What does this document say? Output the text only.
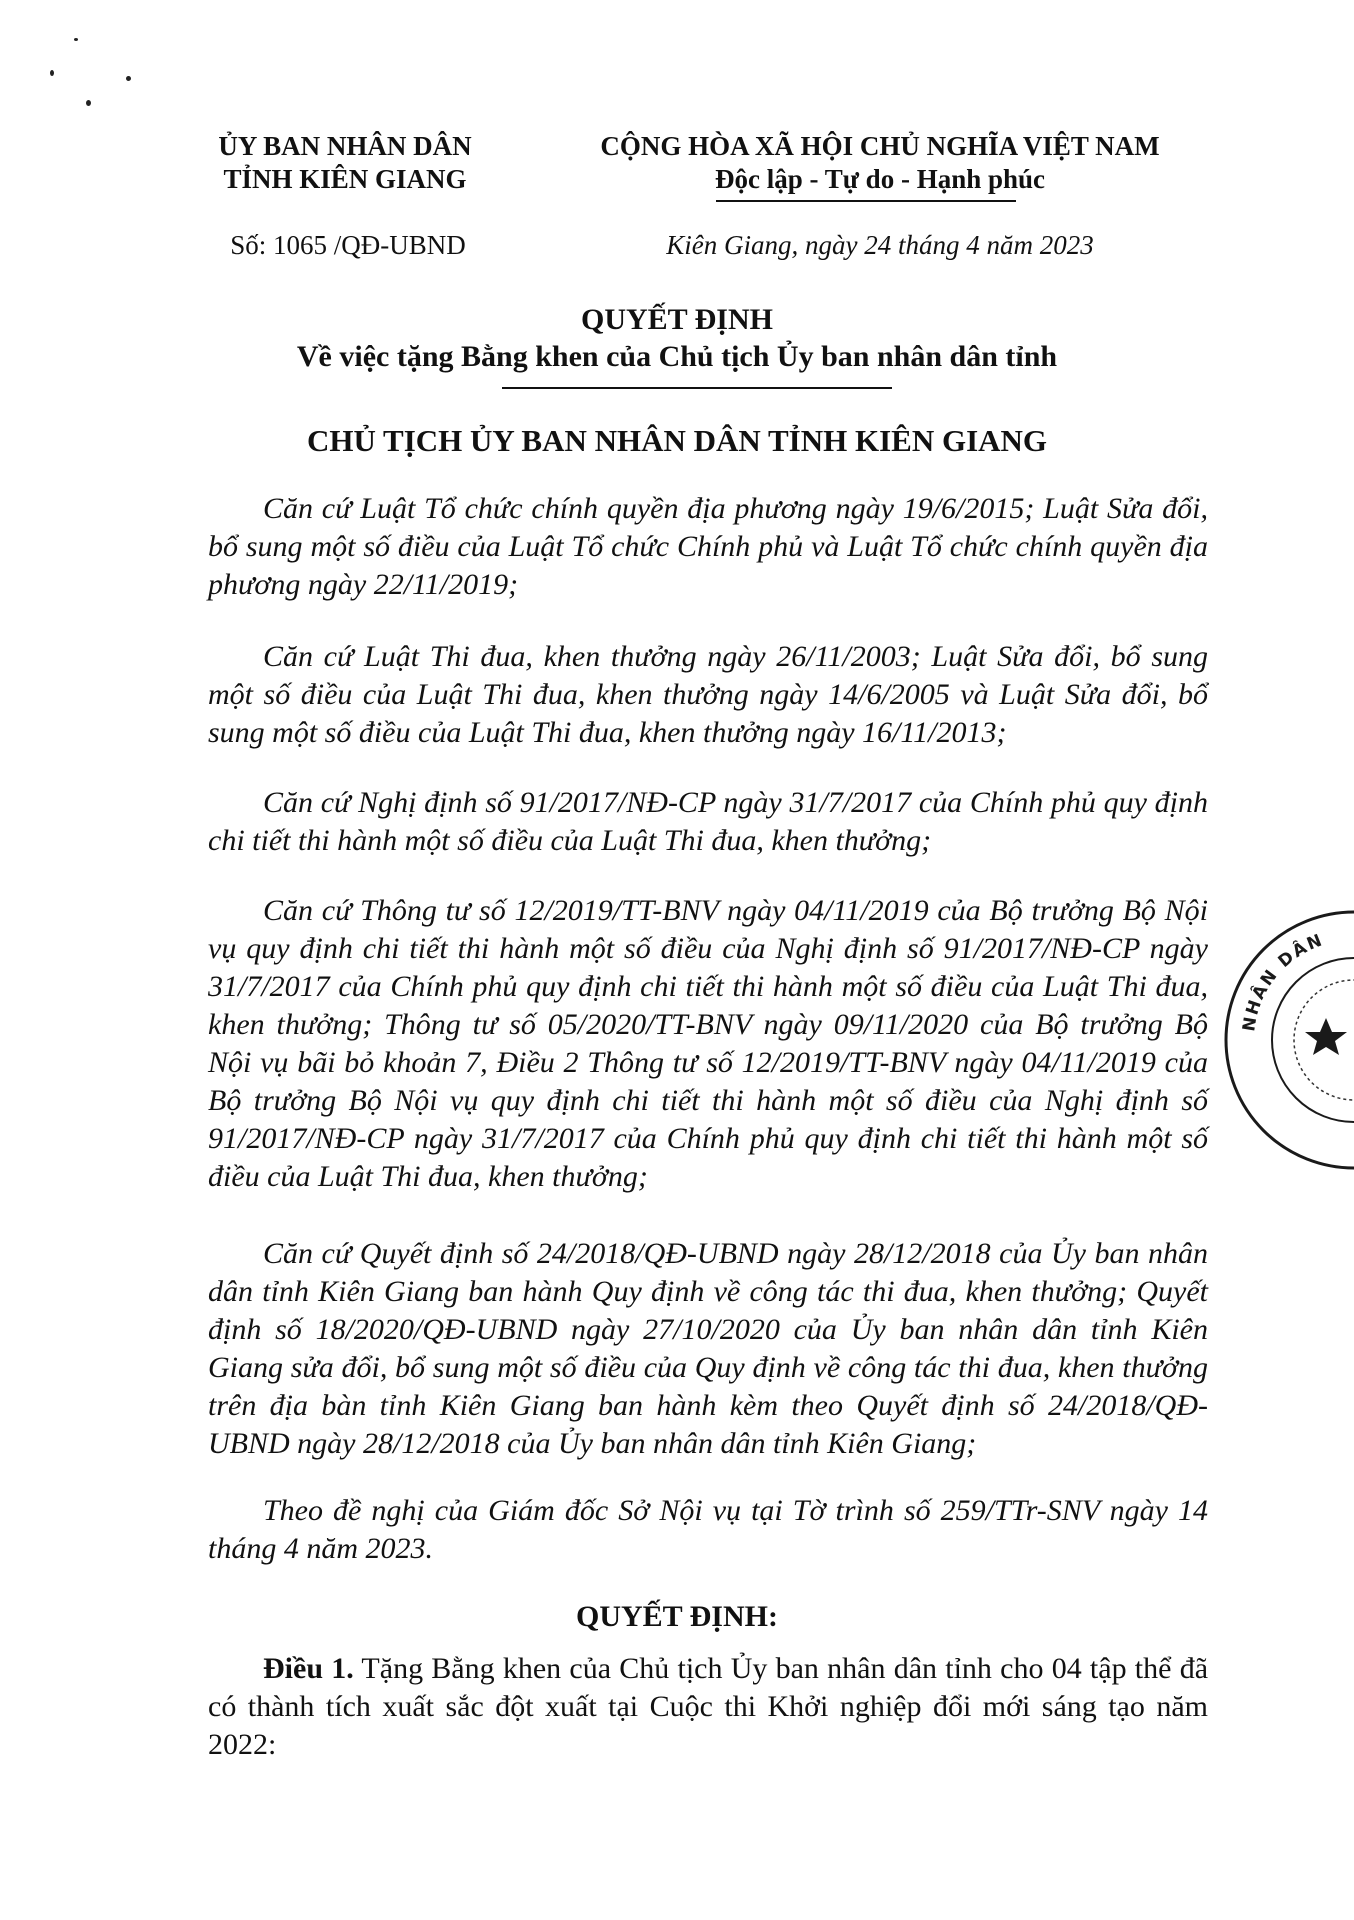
ỦY BAN NHÂN DÂN
TỈNH KIÊN GIANG
Số: 1065 /QĐ-UBND
CỘNG HÒA XÃ HỘI CHỦ NGHĨA VIỆT NAM
Độc lập - Tự do - Hạnh phúc
Kiên Giang, ngày 24 tháng 4 năm 2023
QUYẾT ĐỊNH
Về việc tặng Bằng khen của Chủ tịch Ủy ban nhân dân tỉnh
CHỦ TỊCH ỦY BAN NHÂN DÂN TỈNH KIÊN GIANG
Căn cứ Luật Tổ chức chính quyền địa phương ngày 19/6/2015; Luật Sửa đổi, bổ sung một số điều của Luật Tổ chức Chính phủ và Luật Tổ chức chính quyền địa phương ngày 22/11/2019;
Căn cứ Luật Thi đua, khen thưởng ngày 26/11/2003; Luật Sửa đổi, bổ sung một số điều của Luật Thi đua, khen thưởng ngày 14/6/2005 và Luật Sửa đổi, bổ sung một số điều của Luật Thi đua, khen thưởng ngày 16/11/2013;
Căn cứ Nghị định số 91/2017/NĐ-CP ngày 31/7/2017 của Chính phủ quy định chi tiết thi hành một số điều của Luật Thi đua, khen thưởng;
Căn cứ Thông tư số 12/2019/TT-BNV ngày 04/11/2019 của Bộ trưởng Bộ Nội vụ quy định chi tiết thi hành một số điều của Nghị định số 91/2017/NĐ-CP ngày 31/7/2017 của Chính phủ quy định chi tiết thi hành một số điều của Luật Thi đua, khen thưởng; Thông tư số 05/2020/TT-BNV ngày 09/11/2020 của Bộ trưởng Bộ Nội vụ bãi bỏ khoản 7, Điều 2 Thông tư số 12/2019/TT-BNV ngày 04/11/2019 của Bộ trưởng Bộ Nội vụ quy định chi tiết thi hành một số điều của Nghị định số 91/2017/NĐ-CP ngày 31/7/2017 của Chính phủ quy định chi tiết thi hành một số điều của Luật Thi đua, khen thưởng;
Căn cứ Quyết định số 24/2018/QĐ-UBND ngày 28/12/2018 của Ủy ban nhân dân tỉnh Kiên Giang ban hành Quy định về công tác thi đua, khen thưởng; Quyết định số 18/2020/QĐ-UBND ngày 27/10/2020 của Ủy ban nhân dân tỉnh Kiên Giang sửa đổi, bổ sung một số điều của Quy định về công tác thi đua, khen thưởng trên địa bàn tỉnh Kiên Giang ban hành kèm theo Quyết định số 24/2018/QĐ-UBND ngày 28/12/2018 của Ủy ban nhân dân tỉnh Kiên Giang;
Theo đề nghị của Giám đốc Sở Nội vụ tại Tờ trình số 259/TTr-SNV ngày 14 tháng 4 năm 2023.
QUYẾT ĐỊNH:
Điều 1. Tặng Bằng khen của Chủ tịch Ủy ban nhân dân tỉnh cho 04 tập thể đã có thành tích xuất sắc đột xuất tại Cuộc thi Khởi nghiệp đổi mới sáng tạo năm 2022:
NHÂN DÂN
